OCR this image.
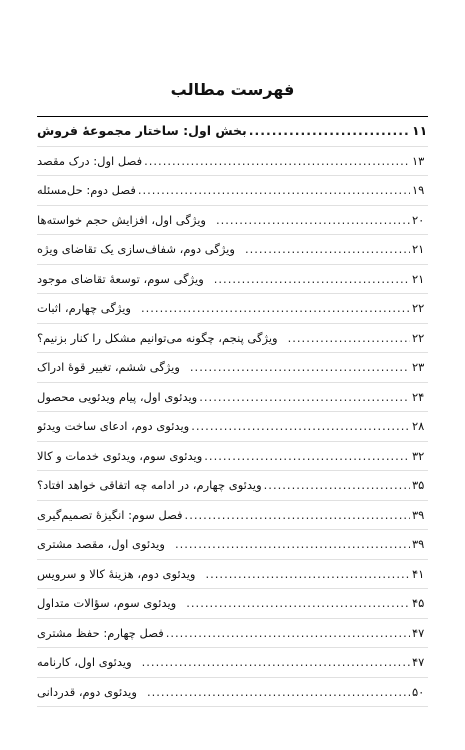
فهرست مطالب
بخش اول: ساختار مجموعهٔ فروش .....	۱۱
فصل اول: درک مقصد .....	۱۳
فصل دوم: حل‌مسئله .....	۱۹
ویژگی اول، افزایش حجم خواسته‌ها .....	۲۰
ویژگی دوم، شفاف‌سازی یک تقاضای ویژه .....	۲۱
ویژگی سوم، توسعهٔ تقاضای موجود .....	۲۱
ویژگی چهارم، اثبات .....	۲۲
ویژگی پنجم، چگونه می‌توانیم مشکل را کنار بزنیم؟ .....	۲۲
ویژگی ششم، تغییر قوهٔ ادراک .....	۲۳
ویدئوی اول، پیام ویدئویی محصول .....	۲۴
ویدئوی دوم، ادعای ساخت ویدئو .....	۲۸
ویدئوی سوم، ویدئوی خدمات و کالا .....	۳۲
ویدئوی چهارم، در ادامه چه اتفاقی خواهد افتاد؟ .....	۳۵
فصل سوم: انگیزهٔ تصمیم‌گیری .....	۳۹
ویدئوی اول، مقصد مشتری .....	۳۹
ویدئوی دوم، هزینهٔ کالا و سرویس .....	۴۱
ویدئوی سوم، سؤالات متداول .....	۴۵
فصل چهارم: حفظ مشتری .....	۴۷
ویدئوی اول، کارنامه .....	۴۷
ویدئوی دوم، قدردانی .....	۵۰
